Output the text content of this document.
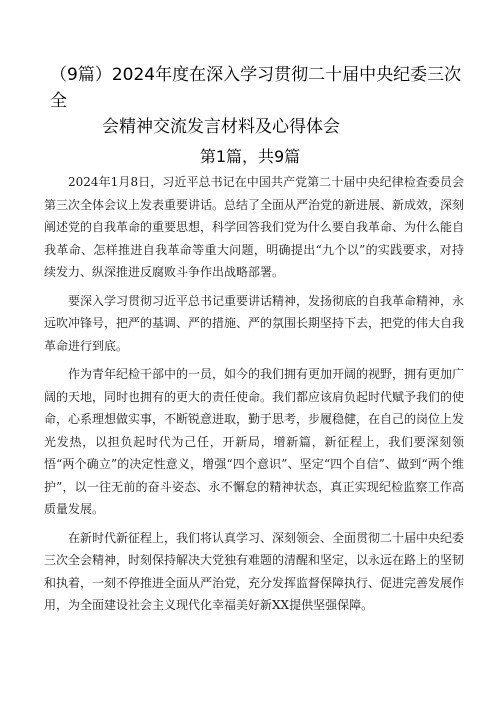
（9篇）2024年度在深入学习贯彻二十届中央纪委三次全
会精神交流发言材料及心得体会
第1篇，共9篇

2024年1月8日，习近平总书记在中国共产党第二十届中央纪律检查委员会第三次全体会议上发表重要讲话。总结了全面从严治党的新进展、新成效，深刻阐述党的自我革命的重要思想，科学回答我们党为什么要自我革命、为什么能自我革命、怎样推进自我革命等重大问题，明确提出“九个以”的实践要求，对持续发力、纵深推进反腐败斗争作出战略部署。

要深入学习贯彻习近平总书记重要讲话精神，发扬彻底的自我革命精神，永远吹冲锋号，把严的基调、严的措施、严的氛围长期坚持下去，把党的伟大自我革命进行到底。

作为青年纪检干部中的一员，如今的我们拥有更加开阔的视野，拥有更加广阔的天地，同时也拥有的更大的责任使命。我们都应该肩负起时代赋予我们的使命，心系理想做实事，不断锐意进取，勤于思考，步履稳健，在自己的岗位上发光发热，以担负起时代为己任，开新局，增新篇，新征程上，我们要深刻领悟“两个确立”的决定性意义，增强“四个意识”、坚定“四个自信”、做到“两个维护”，以一往无前的奋斗姿态、永不懈怠的精神状态，真正实现纪检监察工作高质量发展。

在新时代新征程上，我们将认真学习、深刻领会、全面贯彻二十届中央纪委三次全会精神，时刻保持解决大党独有难题的清醒和坚定，以永远在路上的坚韧和执着，一刻不停推进全面从严治党，充分发挥监督保障执行、促进完善发展作用，为全面建设社会主义现代化幸福美好新XX提供坚强保障。
